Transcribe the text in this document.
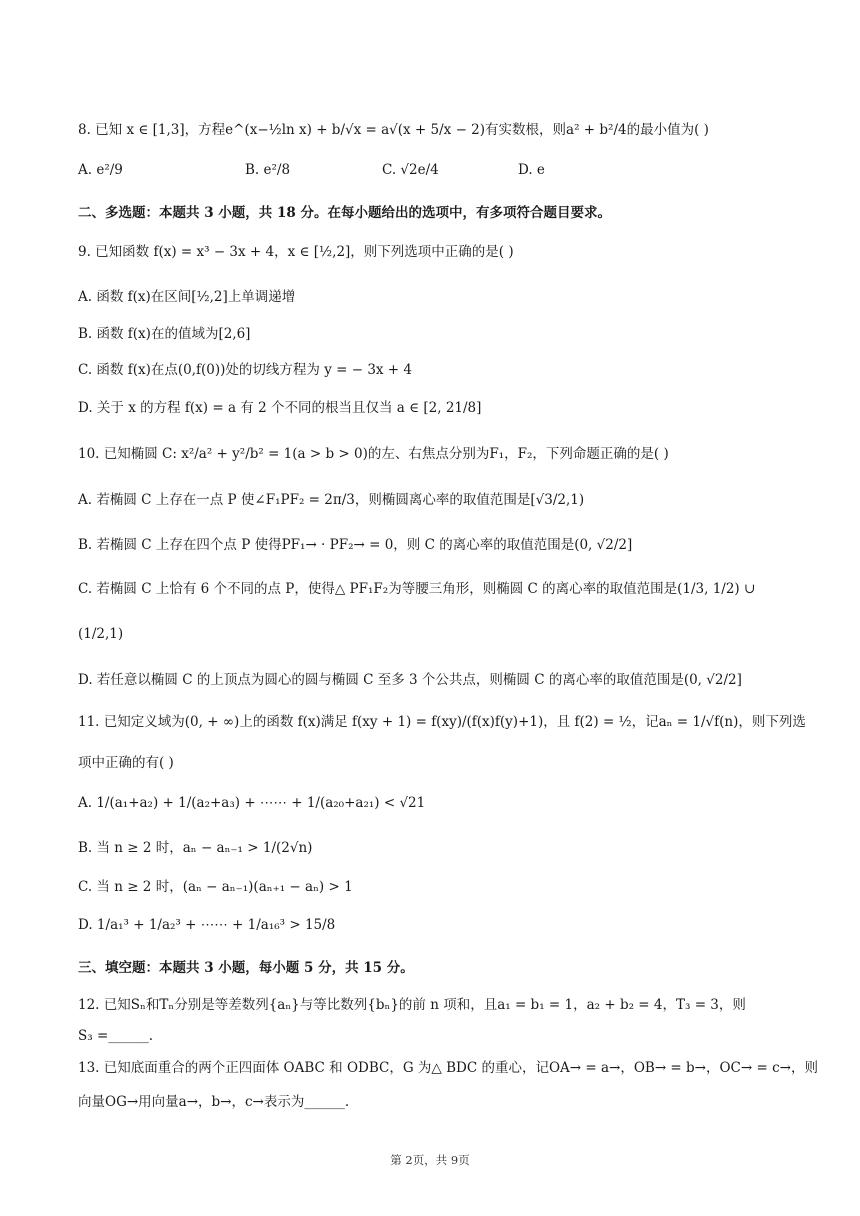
8. 已知 x ∈ [1,3]，方程e^(x−½ln x) + b/√x = a√(x + 5/x − 2)有实数根，则a² + b²/4的最小值为( )
A. e²/9	B. e²/8	C. √2e/4	D. e
二、多选题：本题共 3 小题，共 18 分。在每小题给出的选项中，有多项符合题目要求。
9. 已知函数 f(x) = x³ − 3x + 4，x ∈ [½,2]，则下列选项中正确的是( )
A. 函数 f(x)在区间[½,2]上单调递增
B. 函数 f(x)在的值域为[2,6]
C. 函数 f(x)在点(0,f(0))处的切线方程为 y = − 3x + 4
D. 关于 x 的方程 f(x) = a 有 2 个不同的根当且仅当 a ∈ [2, 21/8]
10. 已知椭圆 C: x²/a² + y²/b² = 1(a > b > 0)的左、右焦点分别为F₁，F₂，下列命题正确的是( )
A. 若椭圆 C 上存在一点 P 使∠F₁PF₂ = 2π/3，则椭圆离心率的取值范围是[√3/2,1)
B. 若椭圆 C 上存在四个点 P 使得PF₁→ · PF₂→ = 0，则 C 的离心率的取值范围是(0, √2/2]
C. 若椭圆 C 上恰有 6 个不同的点 P，使得△ PF₁F₂为等腰三角形，则椭圆 C 的离心率的取值范围是(1/3, 1/2) ∪
(1/2,1)
D. 若任意以椭圆 C 的上顶点为圆心的圆与椭圆 C 至多 3 个公共点，则椭圆 C 的离心率的取值范围是(0, √2/2]
11. 已知定义域为(0, + ∞)上的函数 f(x)满足 f(xy + 1) = f(xy)/(f(x)f(y)+1)，且 f(2) = ½，记aₙ = 1/√f(n)，则下列选
项中正确的有( )
A. 1/(a₁+a₂) + 1/(a₂+a₃) + ⋯⋯ + 1/(a₂₀+a₂₁) < √21
B. 当 n ≥ 2 时，aₙ − aₙ₋₁ > 1/(2√n)
C. 当 n ≥ 2 时，(aₙ − aₙ₋₁)(aₙ₊₁ − aₙ) > 1
D. 1/a₁³ + 1/a₂³ + ⋯⋯ + 1/a₁₆³ > 15/8
三、填空题：本题共 3 小题，每小题 5 分，共 15 分。
12. 已知Sₙ和Tₙ分别是等差数列{aₙ}与等比数列{bₙ}的前 n 项和，且a₁ = b₁ = 1，a₂ + b₂ = 4，T₃ = 3，则
S₃ =______.
13. 已知底面重合的两个正四面体 OABC 和 ODBC，G 为△ BDC 的重心，记OA→ = a→，OB→ = b→，OC→ = c→，则
向量OG→用向量a→，b→，c→表示为______.
第 2页，共 9页
